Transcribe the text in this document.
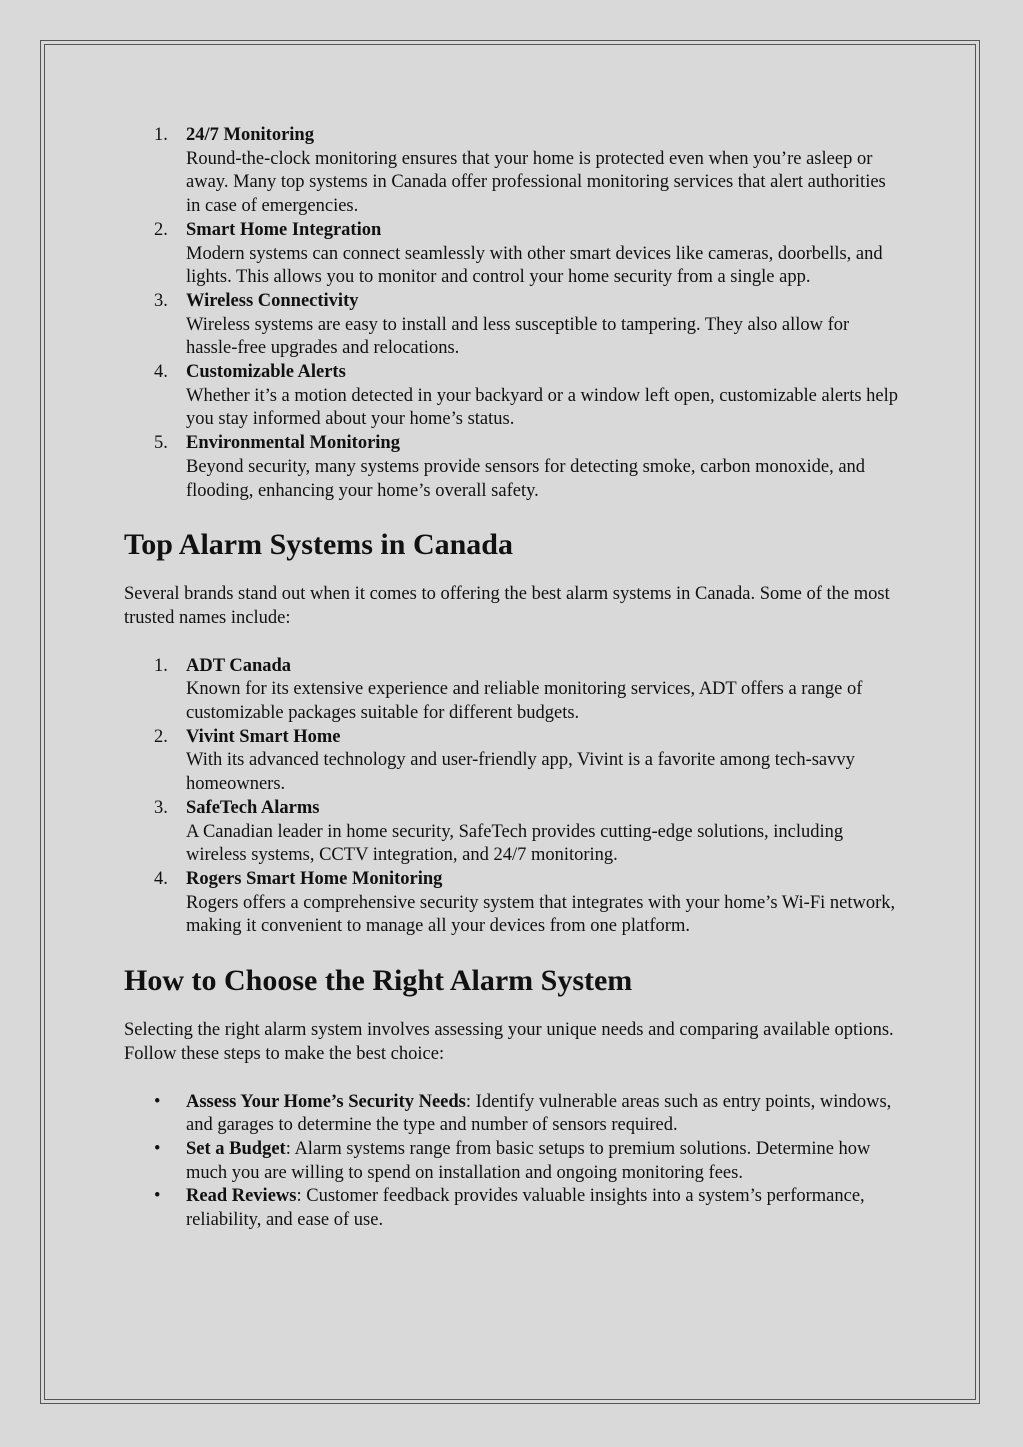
1. 24/7 Monitoring
Round-the-clock monitoring ensures that your home is protected even when you’re asleep or away. Many top systems in Canada offer professional monitoring services that alert authorities in case of emergencies.
2. Smart Home Integration
Modern systems can connect seamlessly with other smart devices like cameras, doorbells, and lights. This allows you to monitor and control your home security from a single app.
3. Wireless Connectivity
Wireless systems are easy to install and less susceptible to tampering. They also allow for hassle-free upgrades and relocations.
4. Customizable Alerts
Whether it’s a motion detected in your backyard or a window left open, customizable alerts help you stay informed about your home’s status.
5. Environmental Monitoring
Beyond security, many systems provide sensors for detecting smoke, carbon monoxide, and flooding, enhancing your home’s overall safety.
Top Alarm Systems in Canada

Several brands stand out when it comes to offering the best alarm systems in Canada. Some of the most trusted names include:

1. ADT Canada
Known for its extensive experience and reliable monitoring services, ADT offers a range of customizable packages suitable for different budgets.
2. Vivint Smart Home
With its advanced technology and user-friendly app, Vivint is a favorite among tech-savvy homeowners.
3. SafeTech Alarms
A Canadian leader in home security, SafeTech provides cutting-edge solutions, including wireless systems, CCTV integration, and 24/7 monitoring.
4. Rogers Smart Home Monitoring
Rogers offers a comprehensive security system that integrates with your home’s Wi-Fi network, making it convenient to manage all your devices from one platform.
How to Choose the Right Alarm System

Selecting the right alarm system involves assessing your unique needs and comparing available options. Follow these steps to make the best choice:

• Assess Your Home’s Security Needs: Identify vulnerable areas such as entry points, windows, and garages to determine the type and number of sensors required.
• Set a Budget: Alarm systems range from basic setups to premium solutions. Determine how much you are willing to spend on installation and ongoing monitoring fees.
• Read Reviews: Customer feedback provides valuable insights into a system’s performance, reliability, and ease of use.
